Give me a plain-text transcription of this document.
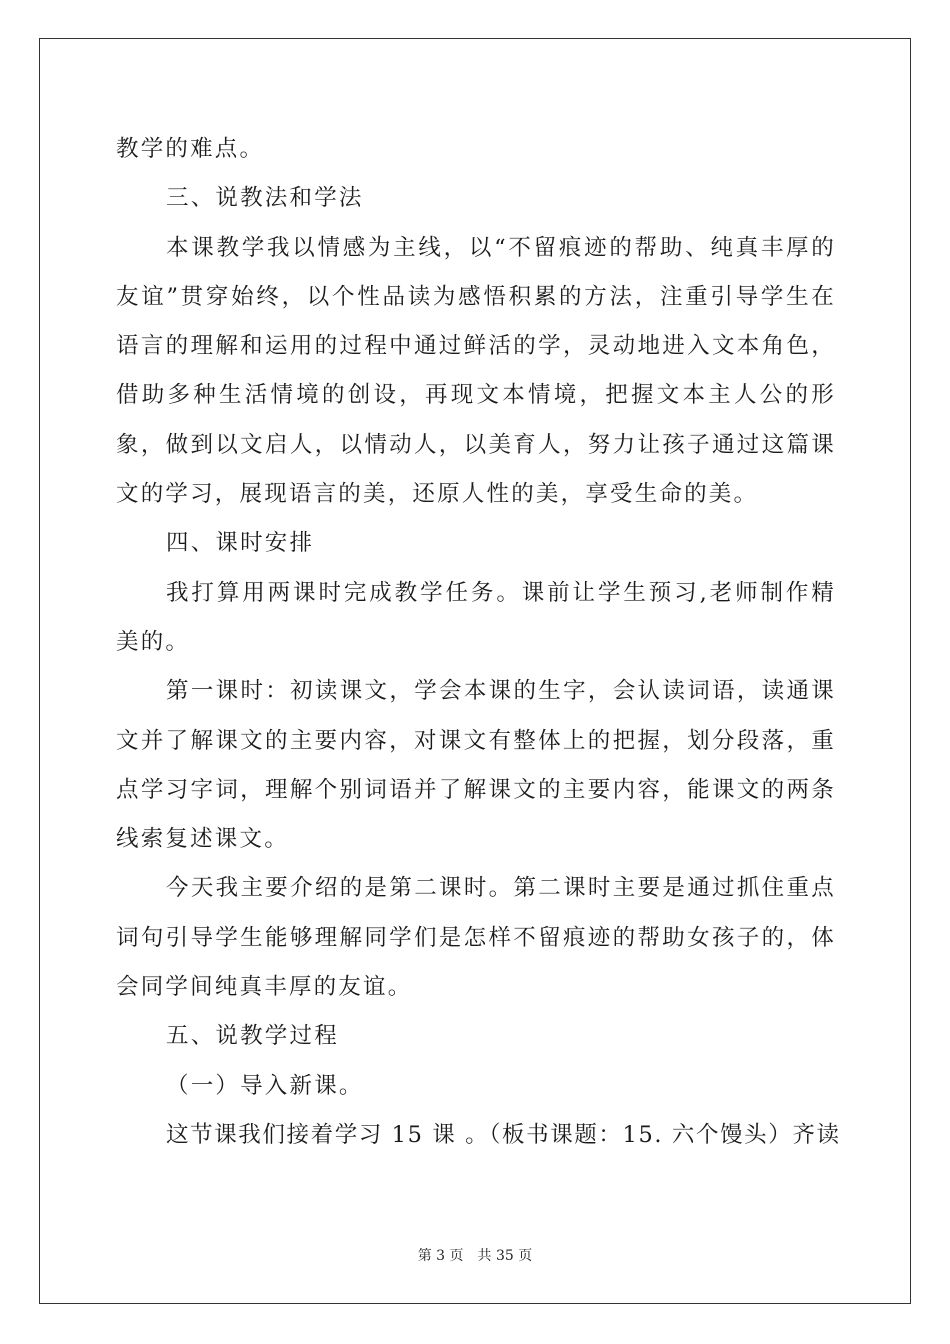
教学的难点。

三、说教法和学法

本课教学我以情感为主线，以“不留痕迹的帮助、纯真丰厚的友谊”贯穿始终，以个性品读为感悟积累的方法，注重引导学生在语言的理解和运用的过程中通过鲜活的学，灵动地进入文本角色，借助多种生活情境的创设，再现文本情境，把握文本主人公的形象，做到以文启人，以情动人，以美育人，努力让孩子通过这篇课文的学习，展现语言的美，还原人性的美，享受生命的美。

四、课时安排

我打算用两课时完成教学任务。课前让学生预习,老师制作精美的。

第一课时：初读课文，学会本课的生字，会认读词语，读通课文并了解课文的主要内容，对课文有整体上的把握，划分段落，重点学习字词，理解个别词语并了解课文的主要内容，能课文的两条线索复述课文。

今天我主要介绍的是第二课时。第二课时主要是通过抓住重点词句引导学生能够理解同学们是怎样不留痕迹的帮助女孩子的，体会同学间纯真丰厚的友谊。

五、说教学过程

（一）导入新课。

这节课我们接着学习 15 课 。（板书课题：15. 六个馒头）齐读

第 3 页 共 35 页
